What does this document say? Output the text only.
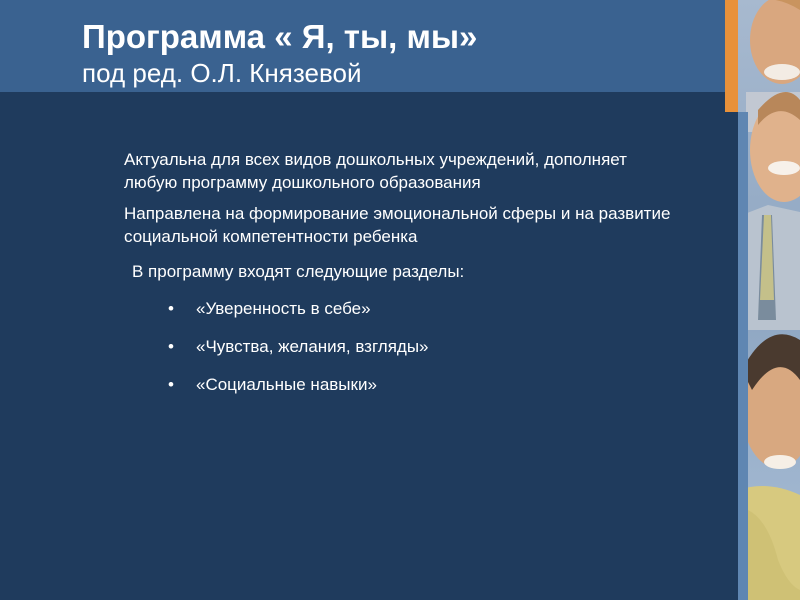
Программа « Я, ты, мы»
под ред. О.Л. Князевой

Актуальна для всех видов дошкольных учреждений, дополняет любую программу дошкольного образования

Направлена на формирование эмоциональной сферы и на развитие социальной компетентности ребенка

В программу входят следующие разделы:

• «Уверенность в себе»
• «Чувства, желания, взгляды»
• «Социальные навыки»
